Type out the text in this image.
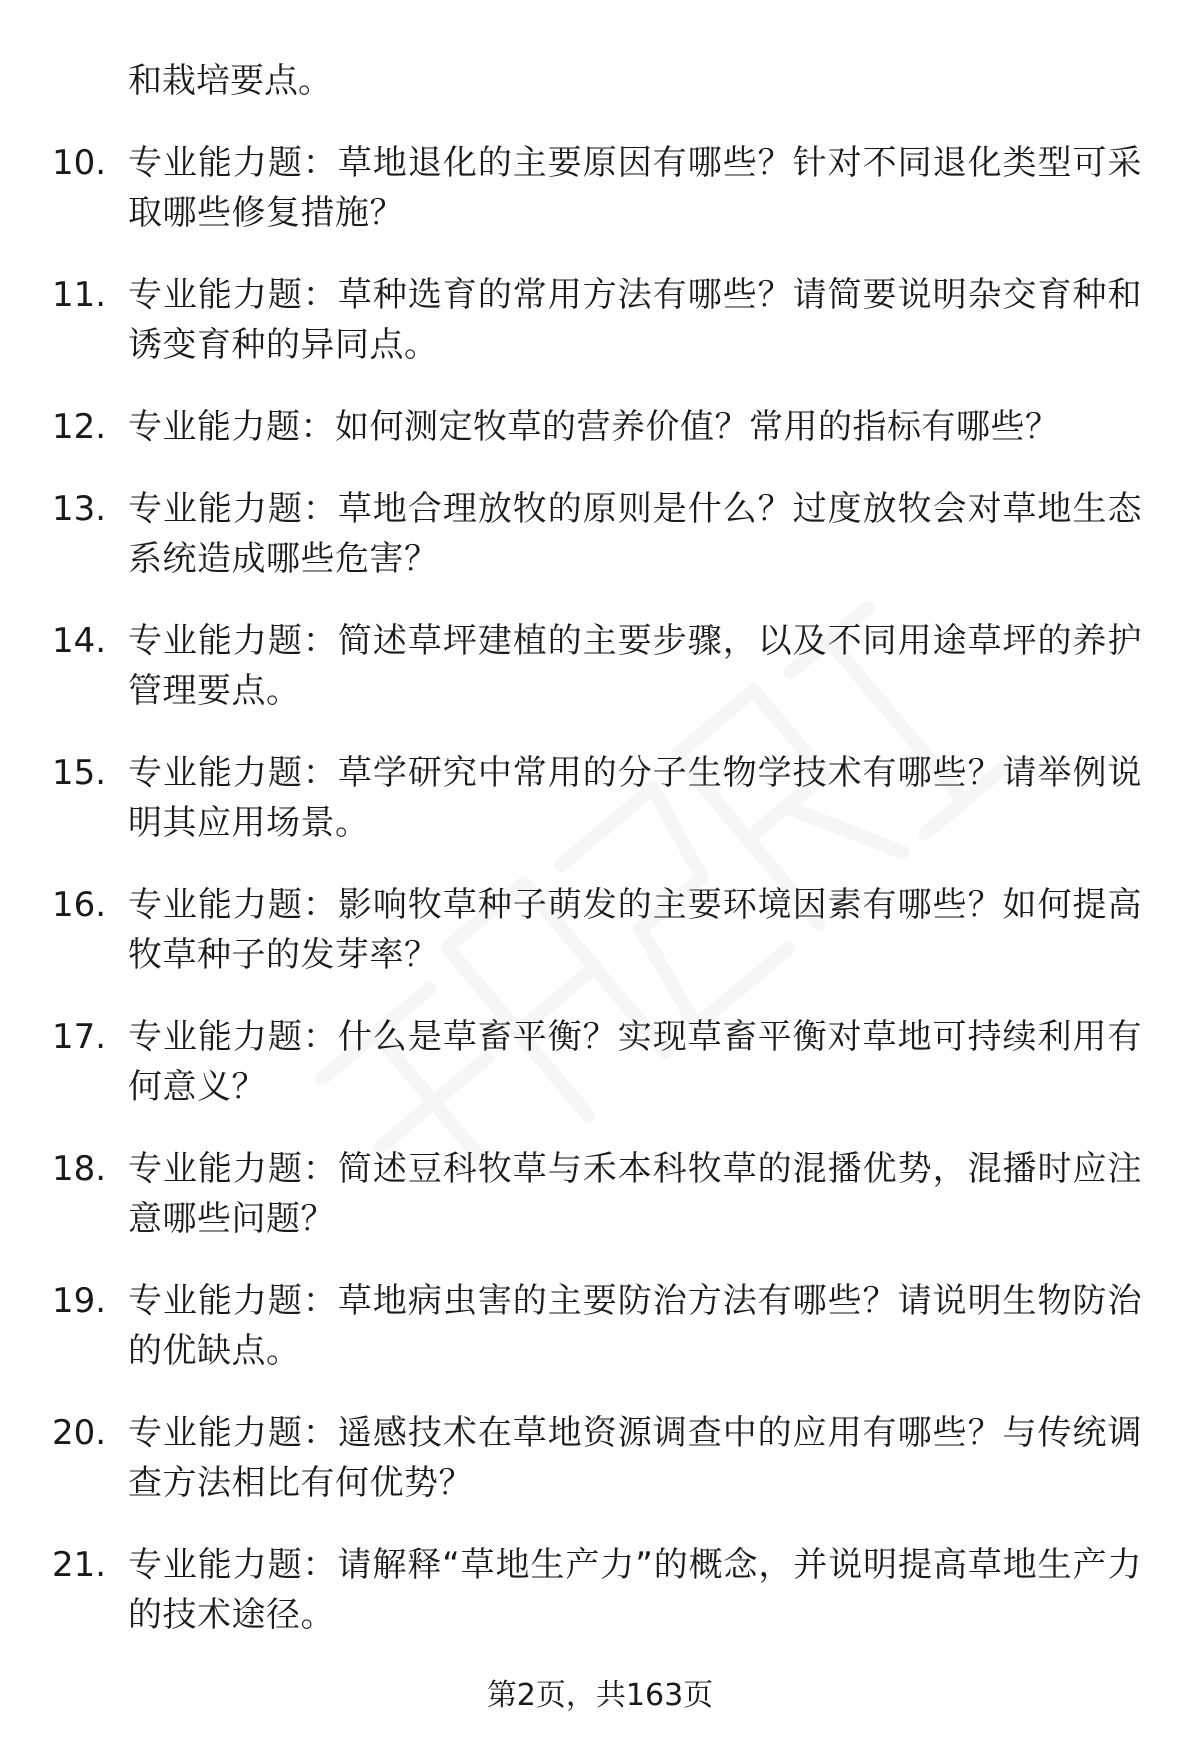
和栽培要点。
10. 专业能力题：草地退化的主要原因有哪些？针对不同退化类型可采取哪些修复措施？
11. 专业能力题：草种选育的常用方法有哪些？请简要说明杂交育种和诱变育种的异同点。
12. 专业能力题：如何测定牧草的营养价值？常用的指标有哪些？
13. 专业能力题：草地合理放牧的原则是什么？过度放牧会对草地生态系统造成哪些危害？
14. 专业能力题：简述草坪建植的主要步骤，以及不同用途草坪的养护管理要点。
15. 专业能力题：草学研究中常用的分子生物学技术有哪些？请举例说明其应用场景。
16. 专业能力题：影响牧草种子萌发的主要环境因素有哪些？如何提高牧草种子的发芽率？
17. 专业能力题：什么是草畜平衡？实现草畜平衡对草地可持续利用有何意义？
18. 专业能力题：简述豆科牧草与禾本科牧草的混播优势，混播时应注意哪些问题？
19. 专业能力题：草地病虫害的主要防治方法有哪些？请说明生物防治的优缺点。
20. 专业能力题：遥感技术在草地资源调查中的应用有哪些？与传统调查方法相比有何优势？
21. 专业能力题：请解释“草地生产力”的概念，并说明提高草地生产力的技术途径。
第2页，共163页
